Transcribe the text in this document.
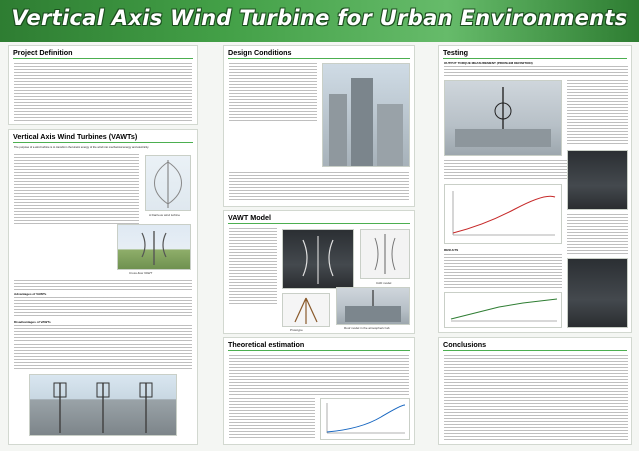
Vertical Axis Wind Turbine for Urban Environments
Project Definition
Vertical Axis Wind Turbines (VAWTs)
The purpose of a wind turbine is to transform the kinetic energy of the wind into mechanical energy and electricity.
A Darrieus wind turbine
Cross-flow VAWT
Advantages of VAWTs
Disadvantages of VAWTs
Design Conditions
VAWT Model
CAD model
Prototype	Roof model in the atmospheric lab
Theoretical estimation
Testing
OUTPUT TORQUE MEASUREMENT (PROBLEM DEFINITION)
RESULTS
Conclusions
